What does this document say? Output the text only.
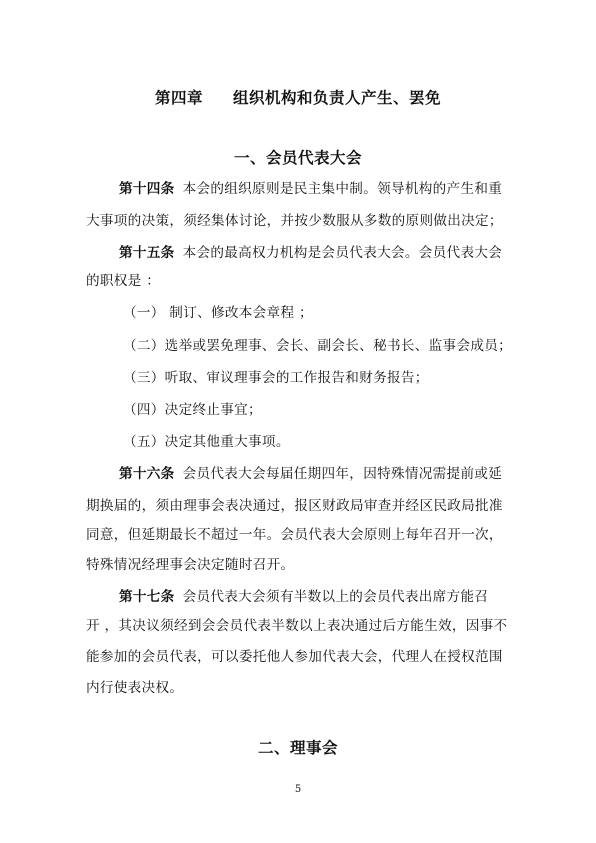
第四章 组织机构和负责人产生、罢免
一、会员代表大会
第十四条 本会的组织原则是民主集中制。领导机构的产生和重
大事项的决策，须经集体讨论，并按少数服从多数的原则做出决定；
第十五条 本会的最高权力机构是会员代表大会。会员代表大会
的职权是 ：
（一） 制订、修改本会章程 ；
（二）选举或罢免理事、会长、副会长、秘书长、监事会成员；
（三）听取、审议理事会的工作报告和财务报告；
（四）决定终止事宜；
（五）决定其他重大事项。
第十六条 会员代表大会每届任期四年，因特殊情况需提前或延
期换届的，须由理事会表决通过，报区财政局审查并经区民政局批准
同意，但延期最长不超过一年。会员代表大会原则上每年召开一次，
特殊情况经理事会决定随时召开。
第十七条 会员代表大会须有半数以上的会员代表出席方能召
开 ，其决议须经到会会员代表半数以上表决通过后方能生效，因事不
能参加的会员代表，可以委托他人参加代表大会，代理人在授权范围
内行使表决权。
二、理事会
5
